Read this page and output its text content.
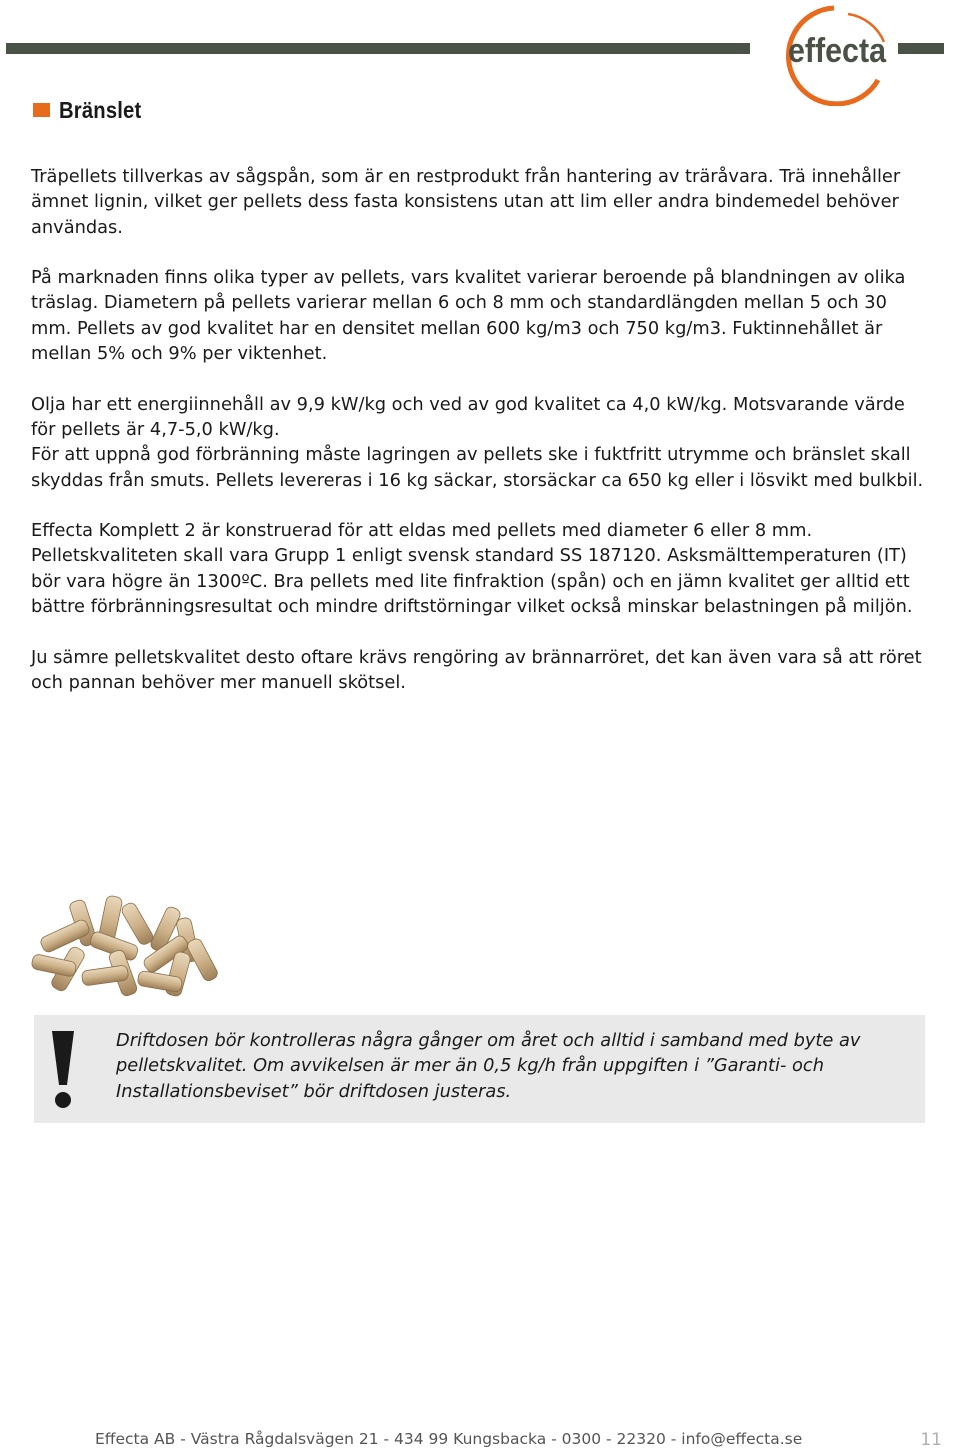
effecta
Bränslet

Träpellets tillverkas av sågspån, som är en restprodukt från hantering av träråvara. Trä innehåller ämnet lignin, vilket ger pellets dess fasta konsistens utan att lim eller andra bindemedel behöver användas.

På marknaden finns olika typer av pellets, vars kvalitet varierar beroende på blandningen av olika träslag. Diametern på pellets varierar mellan 6 och 8 mm och standardlängden mellan 5 och 30 mm. Pellets av god kvalitet har en densitet mellan 600 kg/m3 och 750 kg/m3. Fuktinnehållet är mellan 5% och 9% per viktenhet.

Olja har ett energiinnehåll av 9,9 kW/kg och ved av god kvalitet ca 4,0 kW/kg. Motsvarande värde för pellets är 4,7-5,0 kW/kg.

För att uppnå god förbränning måste lagringen av pellets ske i fuktfritt utrymme och bränslet skall skyddas från smuts. Pellets levereras i 16 kg säckar, storsäckar ca 650 kg eller i lösvikt med bulkbil.

Effecta Komplett 2 är konstruerad för att eldas med pellets med diameter 6 eller 8 mm. Pelletskvaliteten skall vara Grupp 1 enligt svensk standard SS 187120. Asksmälttemperaturen (IT) bör vara högre än 1300ºC. Bra pellets med lite finfraktion (spån) och en jämn kvalitet ger alltid ett bättre förbränningsresultat och mindre driftstörningar vilket också minskar belastningen på miljön.

Ju sämre pelletskvalitet desto oftare krävs rengöring av brännarröret, det kan även vara så att röret och pannan behöver mer manuell skötsel.

Driftdosen bör kontrolleras några gånger om året och alltid i samband med byte av pelletskvalitet. Om avvikelsen är mer än 0,5 kg/h från uppgiften i ”Garanti- och Installationsbeviset” bör driftdosen justeras.

Effecta AB - Västra Rågdalsvägen 21 - 434 99 Kungsbacka - 0300 - 22320 - info@effecta.se	11
